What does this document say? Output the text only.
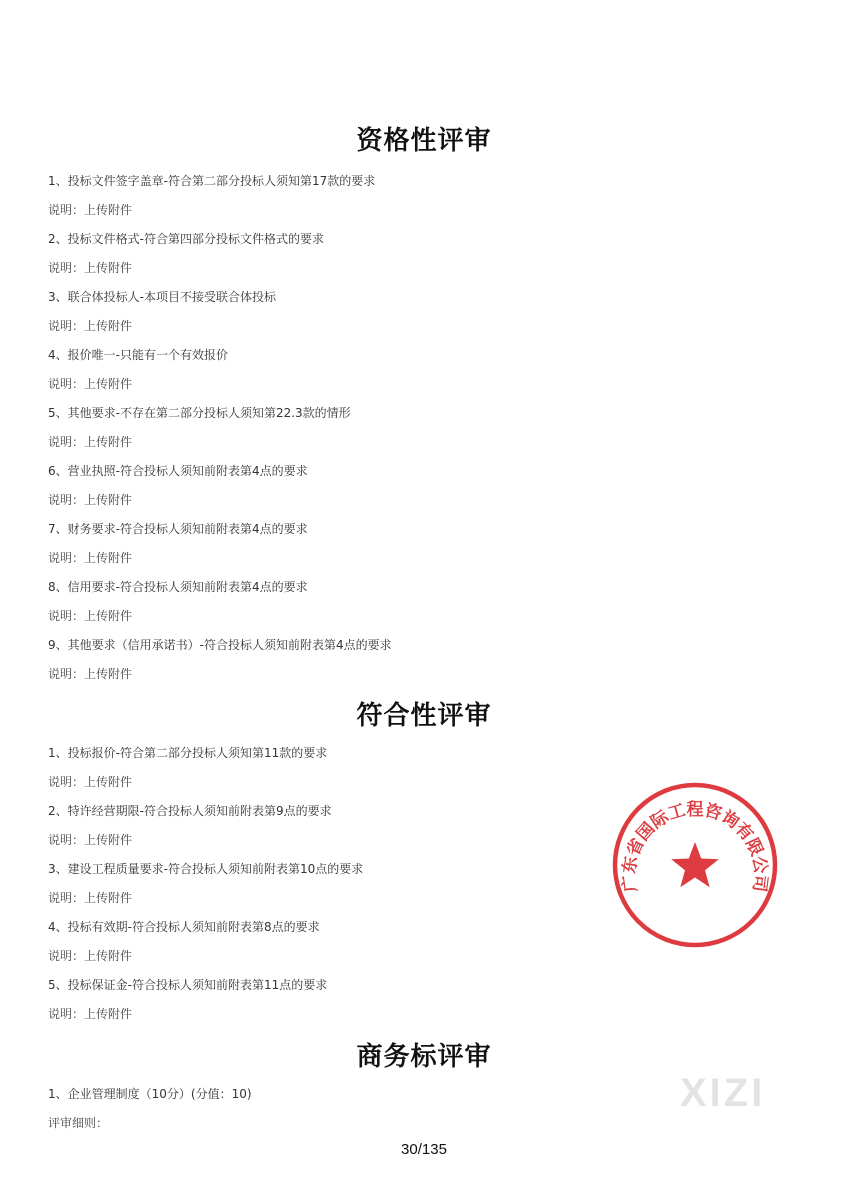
资格性评审

1、投标文件签字盖章-符合第二部分投标人须知第17款的要求

说明：上传附件

2、投标文件格式-符合第四部分投标文件格式的要求

说明：上传附件

3、联合体投标人-本项目不接受联合体投标

说明：上传附件

4、报价唯一-只能有一个有效报价

说明：上传附件

5、其他要求-不存在第二部分投标人须知第22.3款的情形

说明：上传附件

6、营业执照-符合投标人须知前附表第4点的要求

说明：上传附件

7、财务要求-符合投标人须知前附表第4点的要求

说明：上传附件

8、信用要求-符合投标人须知前附表第4点的要求

说明：上传附件

9、其他要求（信用承诺书）-符合投标人须知前附表第4点的要求

说明：上传附件

符合性评审

1、投标报价-符合第二部分投标人须知第11款的要求

说明：上传附件

2、特许经营期限-符合投标人须知前附表第9点的要求

说明：上传附件

3、建设工程质量要求-符合投标人须知前附表第10点的要求

说明：上传附件

4、投标有效期-符合投标人须知前附表第8点的要求

说明：上传附件

5、投标保证金-符合投标人须知前附表第11点的要求

说明：上传附件

商务标评审

1、企业管理制度（10分）(分值：10)

评审细则：

广东省国际工程咨询有限公司
XIZI
30/135
